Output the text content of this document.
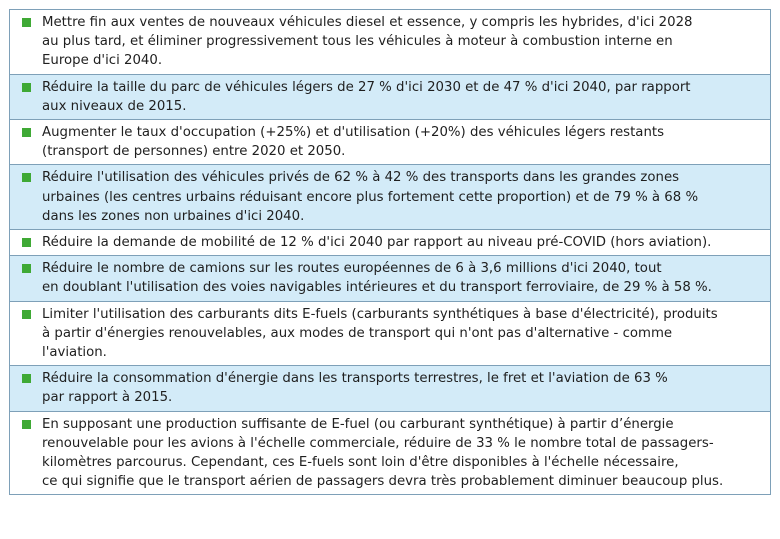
Mettre fin aux ventes de nouveaux véhicules diesel et essence, y compris les hybrides, d'ici 2028
au plus tard, et éliminer progressivement tous les véhicules à moteur à combustion interne en
Europe d'ici 2040.
Réduire la taille du parc de véhicules légers de 27 % d'ici 2030 et de 47 % d'ici 2040, par rapport
aux niveaux de 2015.
Augmenter le taux d'occupation (+25%) et d'utilisation (+20%) des véhicules légers restants
(transport de personnes) entre 2020 et 2050.
Réduire l'utilisation des véhicules privés de 62 % à 42 % des transports dans les grandes zones
urbaines (les centres urbains réduisant encore plus fortement cette proportion) et de 79 % à 68 %
dans les zones non urbaines d'ici 2040.
Réduire la demande de mobilité de 12 % d'ici 2040 par rapport au niveau pré-COVID (hors aviation).
Réduire le nombre de camions sur les routes européennes de 6 à 3,6 millions d'ici 2040, tout
en doublant l'utilisation des voies navigables intérieures et du transport ferroviaire, de 29 % à 58 %.
Limiter l'utilisation des carburants dits E-fuels (carburants synthétiques à base d'électricité), produits
à partir d'énergies renouvelables, aux modes de transport qui n'ont pas d'alternative - comme
l'aviation.
Réduire la consommation d'énergie dans les transports terrestres, le fret et l'aviation de 63 %
par rapport à 2015.
En supposant une production suffisante de E-fuel (ou carburant synthétique) à partir d’énergie
renouvelable pour les avions à l'échelle commerciale, réduire de 33 % le nombre total de passagers-
kilomètres parcourus. Cependant, ces E-fuels sont loin d'être disponibles à l'échelle nécessaire,
ce qui signifie que le transport aérien de passagers devra très probablement diminuer beaucoup plus.
